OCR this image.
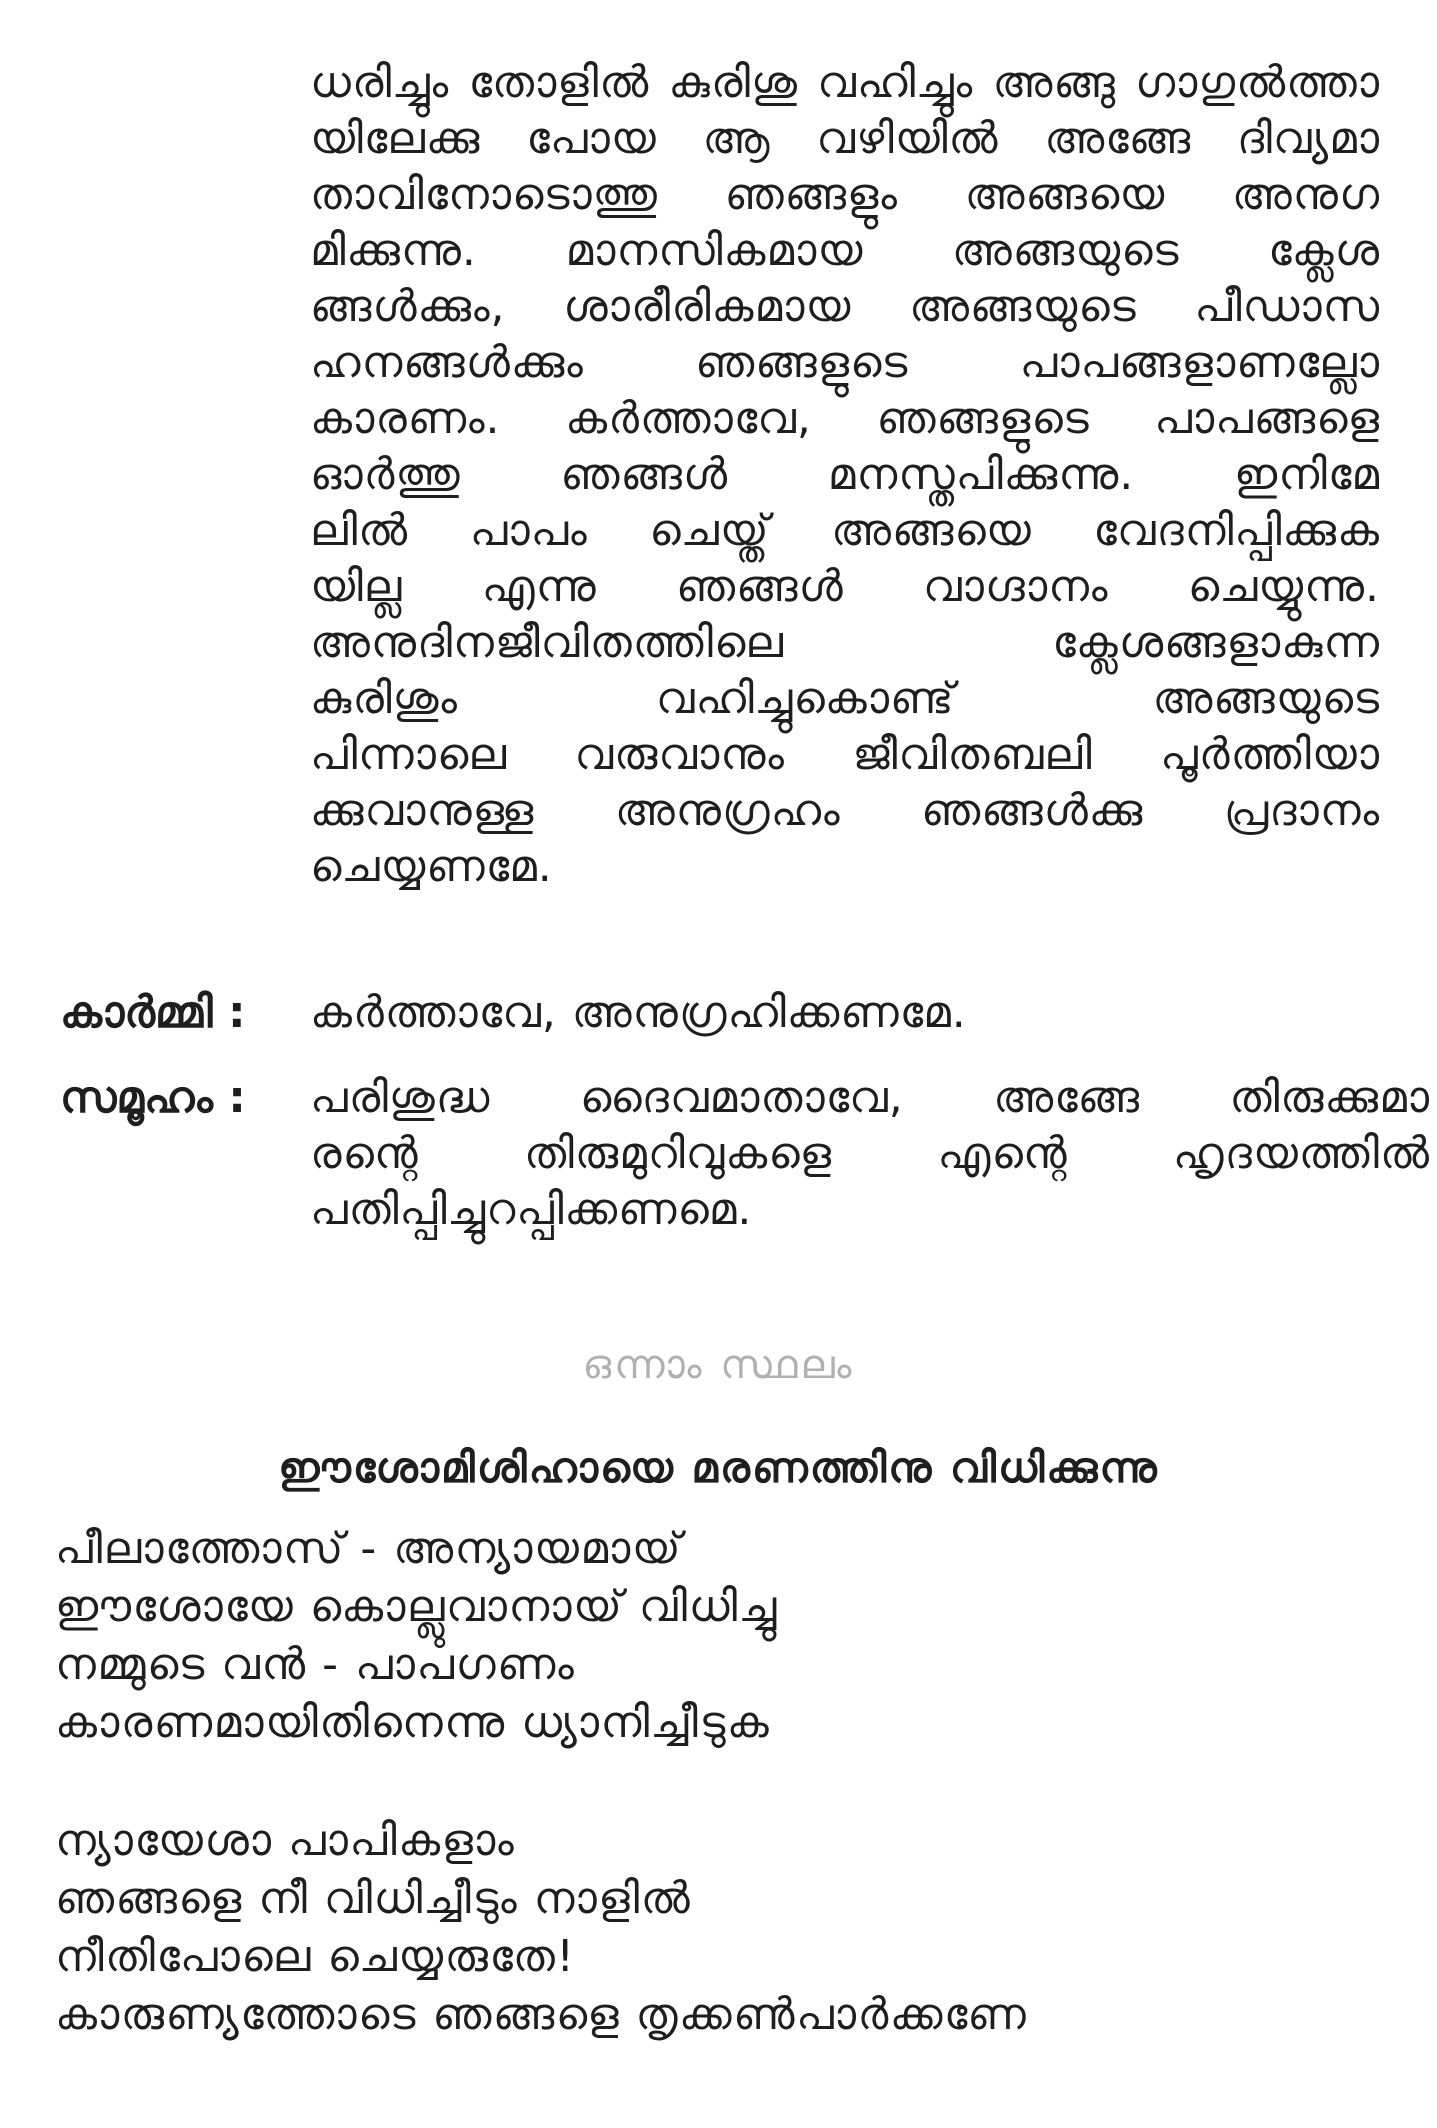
ധരിച്ചും തോളിൽ കുരിശു വഹിച്ചും അങ്ങു ഗാഗുൽത്താ
യിലേക്കു പോയ ആ വഴിയിൽ അങ്ങേ ദിവ്യമാ
താവിനോടൊത്തു ഞങ്ങളും അങ്ങയെ അനുഗ
മിക്കുന്നു. മാനസികമായ അങ്ങയുടെ ക്ലേശ
ങ്ങൾക്കും, ശാരീരികമായ അങ്ങയുടെ പീഡാസ
ഹനങ്ങൾക്കും ഞങ്ങളുടെ പാപങ്ങളാണല്ലോ
കാരണം. കർത്താവേ, ഞങ്ങളുടെ പാപങ്ങളെ
ഓർത്തു ഞങ്ങൾ മനസ്തപിക്കുന്നു. ഇനിമേ
ലിൽ പാപം ചെയ്ത് അങ്ങയെ വേദനിപ്പിക്കുക
യില്ല എന്നു ഞങ്ങൾ വാഗ്ദാനം ചെയ്യുന്നു.
അനുദിനജീവിതത്തിലെ ക്ലേശങ്ങളാകുന്ന
കുരിശും വഹിച്ചുകൊണ്ട് അങ്ങയുടെ
പിന്നാലെ വരുവാനും ജീവിതബലി പൂർത്തിയാ
ക്കുവാനുള്ള അനുഗ്രഹം ഞങ്ങൾക്കു പ്രദാനം
ചെയ്യണമേ.
കാർമ്മി :	കർത്താവേ, അനുഗ്രഹിക്കണമേ.
സമൂഹം :	പരിശുദ്ധ ദൈവമാതാവേ, അങ്ങേ തിരുക്കുമാ
രന്റെ തിരുമുറിവുകളെ എന്റെ ഹൃദയത്തിൽ
പതിപ്പിച്ചുറപ്പിക്കണമെ.
ഒന്നാം സ്ഥലം
ഈശോമിശിഹായെ മരണത്തിനു വിധിക്കുന്നു
പീലാത്തോസ് - അന്യായമായ്
ഈശോയേ കൊല്ലുവാനായ് വിധിച്ചു
നമ്മുടെ വൻ - പാപഗണം
കാരണമായിതിനെന്നു ധ്യാനിച്ചീടുക
ന്യായേശാ പാപികളാം
ഞങ്ങളെ നീ വിധിച്ചീടും നാളിൽ
നീതിപോലെ ചെയ്യരുതേ!
കാരുണ്യത്തോടെ ഞങ്ങളെ തൃക്കൺപാർക്കണേ
